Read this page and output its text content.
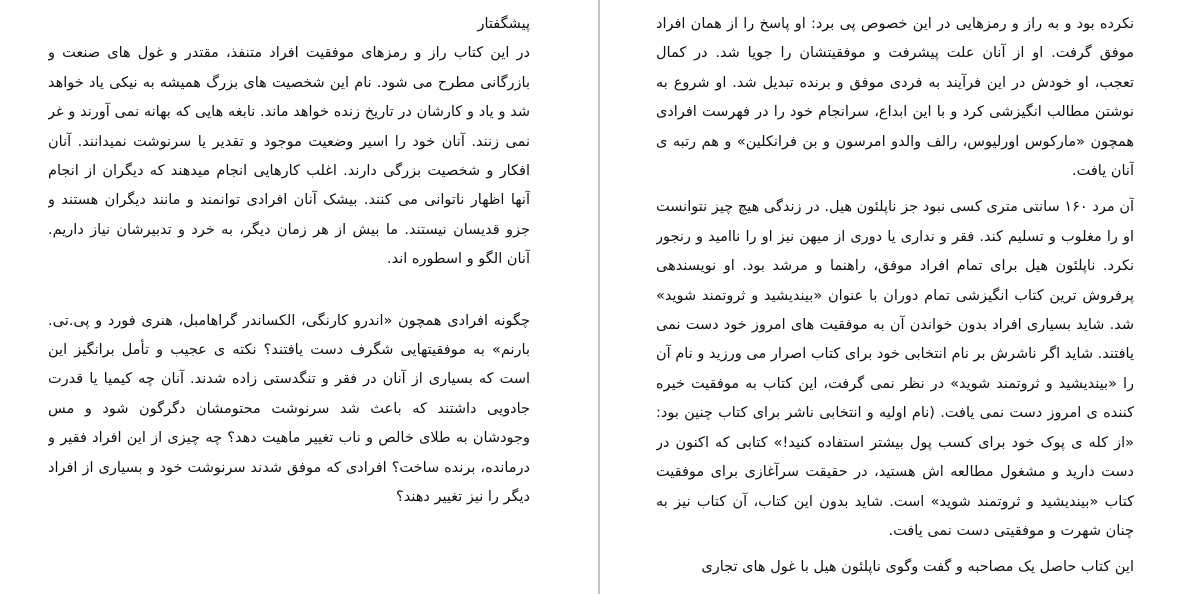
پیشگفتار

در این کتاب راز و رمزهای موفقیت افراد متنفذ، مقتدر و غول های صنعت و بازرگانی مطرح می شود. نام این شخصیت های بزرگ همیشه به نیکی یاد خواهد شد و یاد و کارشان در تاریخ زنده خواهد ماند. نابغه هایی که بهانه نمی آورند و غر نمی زنند. آنان خود را اسیر وضعیت موجود و تقدیر یا سرنوشت نمیدانند. آنان افکار و شخصیت بزرگی دارند. اغلب کارهایی انجام میدهند که دیگران از انجام آنها اظهار ناتوانی می کنند. بیشک آنان افرادی توانمند و مانند دیگران هستند و جزو قدیسان نیستند. ما بیش از هر زمان دیگر، به خرد و تدبیرشان نیاز داریم. آنان الگو و اسطوره اند.

چگونه افرادی همچون «اندرو کارنگی، الکساندر گراهامبل، هنری فورد و پی.تی. بارنم» به موفقیتهایی شگرف دست یافتند؟ نکته ی عجیب و تأمل برانگیز این است که بسیاری از آنان در فقر و تنگدستی زاده شدند. آنان چه کیمیا یا قدرت جادویی داشتند که باعث شد سرنوشت محتومشان دگرگون شود و مس وجودشان به طلای خالص و ناب تغییر ماهیت دهد؟ چه چیزی از این افراد فقیر و درمانده، برنده ساخت؟ افرادی که موفق شدند سرنوشت خود و بسیاری از افراد دیگر را نیز تغییر دهند؟

نکرده بود و به راز و رمزهایی در این خصوص پی برد: او پاسخ را از همان افراد موفق گرفت. او از آنان علت پیشرفت و موفقیتشان را جویا شد. در کمال تعجب، او خودش در این فرآیند به فردی موفق و برنده تبدیل شد. او شروع به نوشتن مطالب انگیزشی کرد و با این ابداع، سرانجام خود را در فهرست افرادی همچون «مارکوس اورلیوس، رالف والدو امرسون و بن فرانکلین» و هم رتبه ی آنان یافت.

آن مرد ۱۶۰ سانتی متری کسی نبود جز ناپلئون هیل. در زندگی هیچ چیز نتوانست او را مغلوب و تسلیم کند. فقر و نداری یا دوری از میهن نیز او را ناامید و رنجور نکرد. ناپلئون هیل برای تمام افراد موفق، راهنما و مرشد بود. او نویسندهی پرفروش ترین کتاب انگیزشی تمام دوران با عنوان «بیندیشید و ثروتمند شوید» شد. شاید بسیاری افراد بدون خواندن آن به موفقیت های امروز خود دست نمی یافتند. شاید اگر ناشرش بر نام انتخابی خود برای کتاب اصرار می ورزید و نام آن را «بیندیشید و ثروتمند شوید» در نظر نمی گرفت، این کتاب به موفقیت خیره کننده ی امروز دست نمی یافت. (نام اولیه و انتخابی ناشر برای کتاب چنین بود: «از کله ی پوک خود برای کسب پول بیشتر استفاده کنید!» کتابی که اکنون در دست دارید و مشغول مطالعه اش هستید، در حقیقت سرآغازی برای موفقیت کتاب «بیندیشید و ثروتمند شوید» است. شاید بدون این کتاب، آن کتاب نیز به چنان شهرت و موفقیتی دست نمی یافت.

این کتاب حاصل یک مصاحبه و گفت وگوی ناپلئون هیل با غول های تجاری
